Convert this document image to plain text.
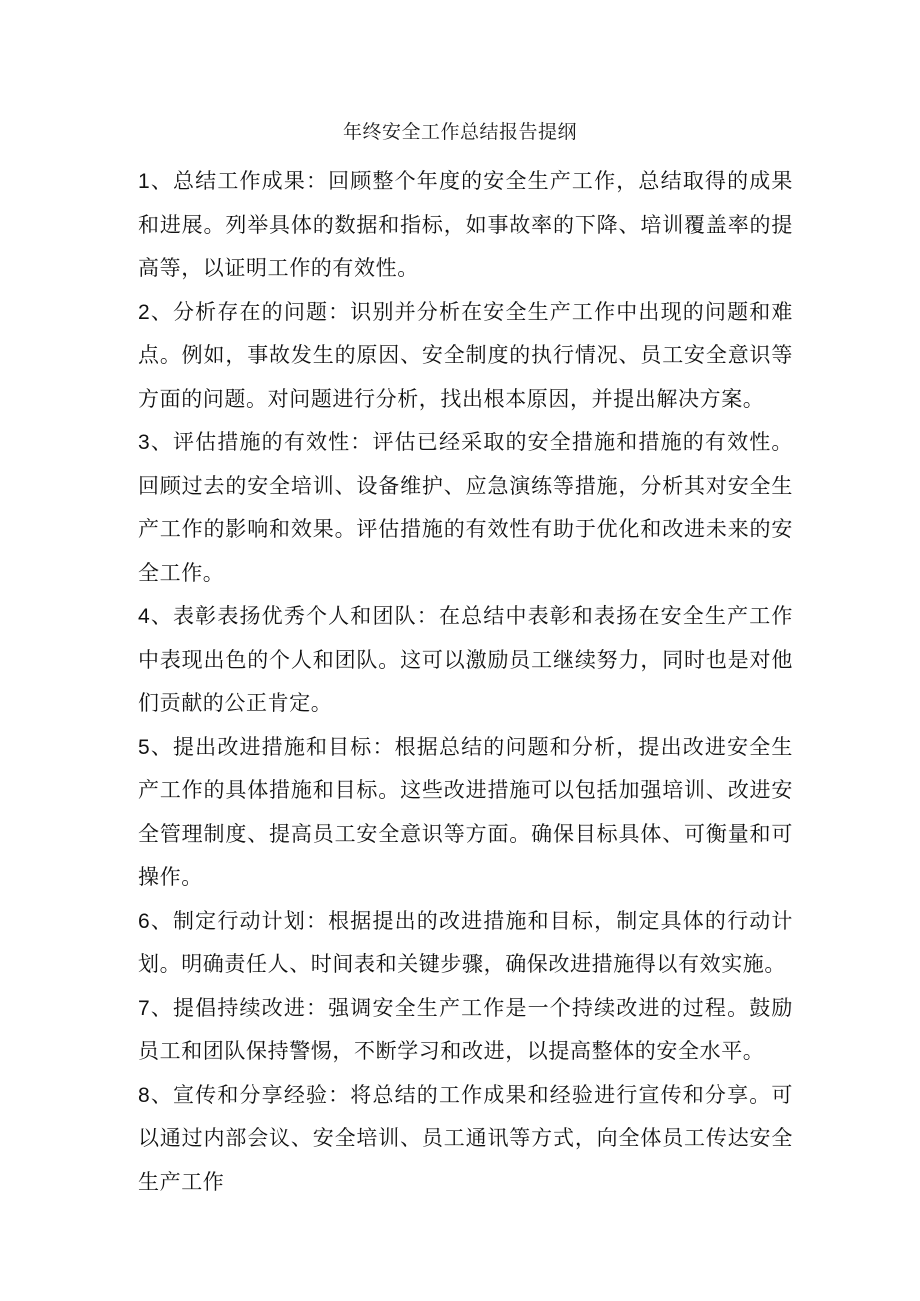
年终安全工作总结报告提纲

1、总结工作成果：回顾整个年度的安全生产工作，总结取得的成果和进展。列举具体的数据和指标，如事故率的下降、培训覆盖率的提高等，以证明工作的有效性。

2、分析存在的问题：识别并分析在安全生产工作中出现的问题和难点。例如，事故发生的原因、安全制度的执行情况、员工安全意识等方面的问题。对问题进行分析，找出根本原因，并提出解决方案。

3、评估措施的有效性：评估已经采取的安全措施和措施的有效性。回顾过去的安全培训、设备维护、应急演练等措施，分析其对安全生产工作的影响和效果。评估措施的有效性有助于优化和改进未来的安全工作。

4、表彰表扬优秀个人和团队：在总结中表彰和表扬在安全生产工作中表现出色的个人和团队。这可以激励员工继续努力，同时也是对他们贡献的公正肯定。

5、提出改进措施和目标：根据总结的问题和分析，提出改进安全生产工作的具体措施和目标。这些改进措施可以包括加强培训、改进安全管理制度、提高员工安全意识等方面。确保目标具体、可衡量和可操作。

6、制定行动计划：根据提出的改进措施和目标，制定具体的行动计划。明确责任人、时间表和关键步骤，确保改进措施得以有效实施。

7、提倡持续改进：强调安全生产工作是一个持续改进的过程。鼓励员工和团队保持警惕，不断学习和改进，以提高整体的安全水平。

8、宣传和分享经验：将总结的工作成果和经验进行宣传和分享。可以通过内部会议、安全培训、员工通讯等方式，向全体员工传达安全生产工作
